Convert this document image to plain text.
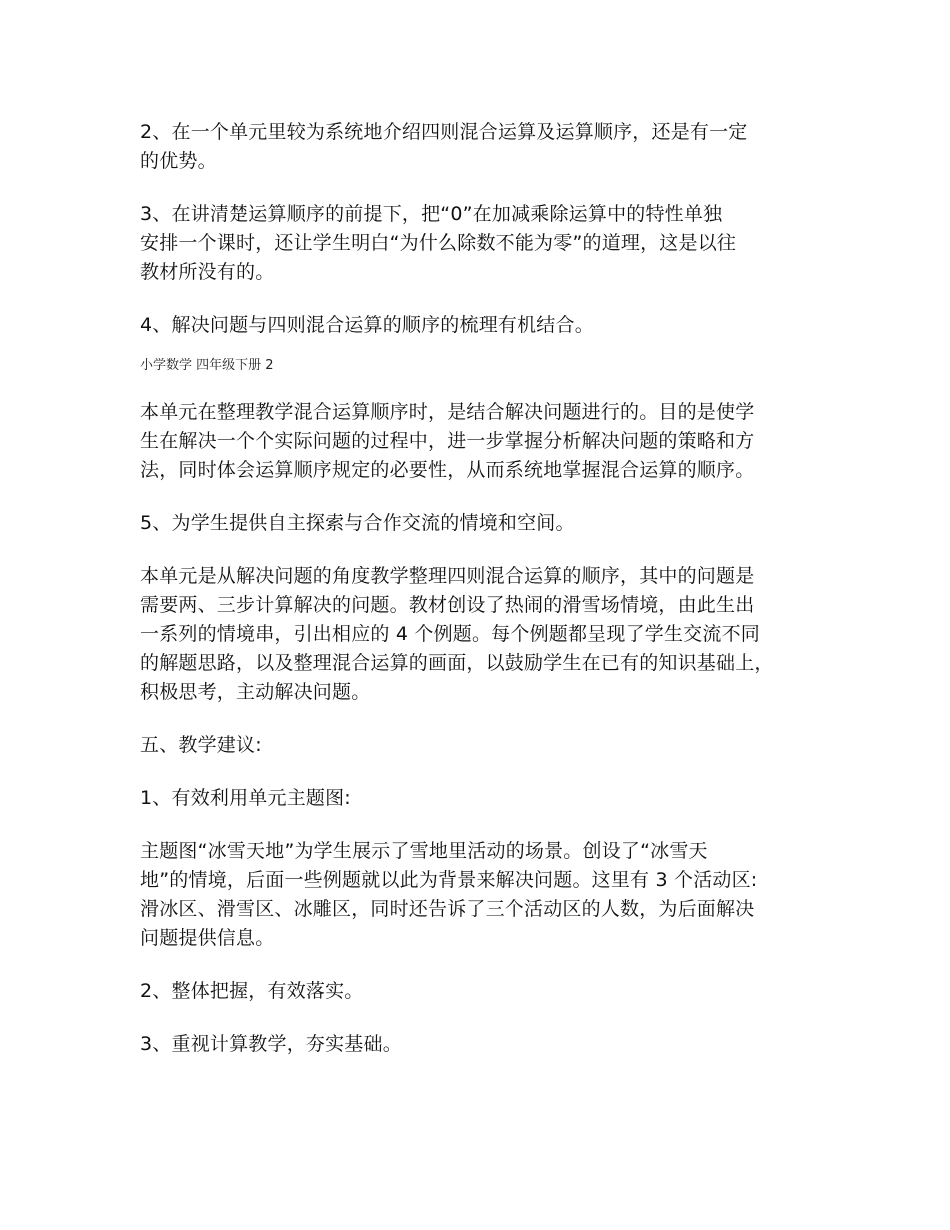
2、在一个单元里较为系统地介绍四则混合运算及运算顺序，还是有一定
的优势。

3、在讲清楚运算顺序的前提下，把“0”在加减乘除运算中的特性单独
安排一个课时，还让学生明白“为什么除数不能为零”的道理，这是以往
教材所没有的。

4、解决问题与四则混合运算的顺序的梳理有机结合。

小学数学 四年级下册 2

本单元在整理教学混合运算顺序时，是结合解决问题进行的。目的是使学
生在解决一个个实际问题的过程中，进一步掌握分析解决问题的策略和方
法，同时体会运算顺序规定的必要性，从而系统地掌握混合运算的顺序。

5、为学生提供自主探索与合作交流的情境和空间。

本单元是从解决问题的角度教学整理四则混合运算的顺序，其中的问题是
需要两、三步计算解决的问题。教材创设了热闹的滑雪场情境，由此生出
一系列的情境串，引出相应的 4 个例题。每个例题都呈现了学生交流不同
的解题思路，以及整理混合运算的画面，以鼓励学生在已有的知识基础上，
积极思考，主动解决问题。

五、教学建议:

1、有效利用单元主题图:

主题图“冰雪天地”为学生展示了雪地里活动的场景。创设了“冰雪天
地”的情境，后面一些例题就以此为背景来解决问题。这里有 3 个活动区:
滑冰区、滑雪区、冰雕区，同时还告诉了三个活动区的人数，为后面解决
问题提供信息。

2、整体把握，有效落实。

3、重视计算教学，夯实基础。
